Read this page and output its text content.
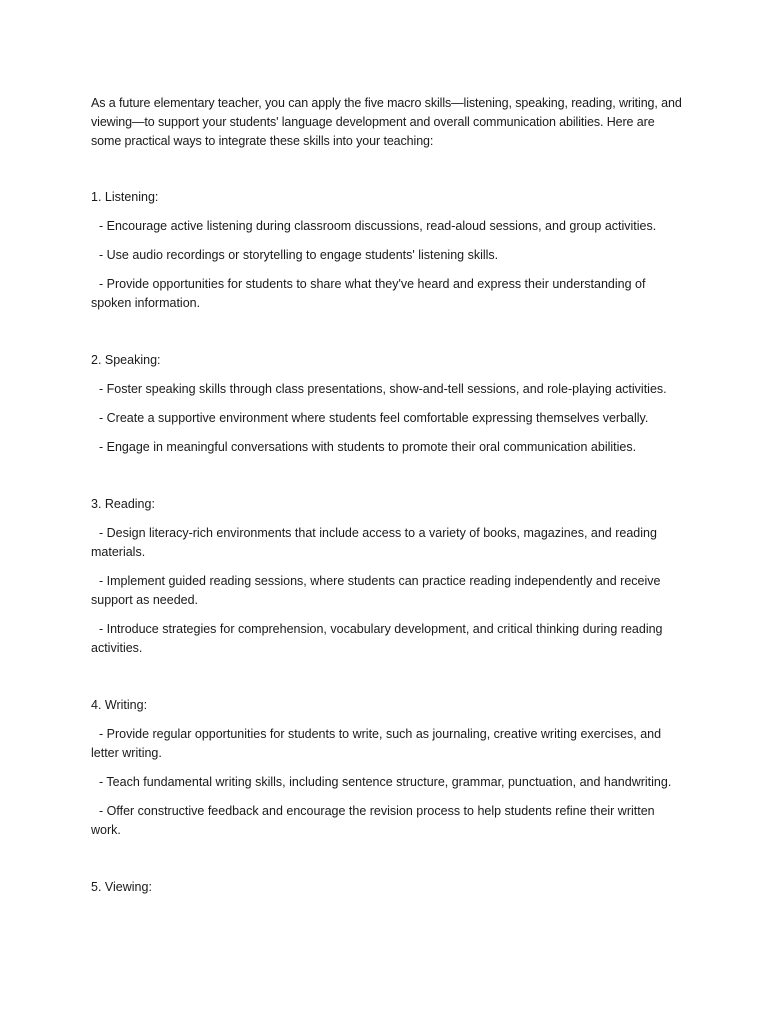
As a future elementary teacher, you can apply the five macro skills—listening, speaking, reading, writing, and viewing—to support your students' language development and overall communication abilities. Here are some practical ways to integrate these skills into your teaching:

1. Listening:

- Encourage active listening during classroom discussions, read-aloud sessions, and group activities.

- Use audio recordings or storytelling to engage students' listening skills.

- Provide opportunities for students to share what they've heard and express their understanding of spoken information.

2. Speaking:

- Foster speaking skills through class presentations, show-and-tell sessions, and role-playing activities.

- Create a supportive environment where students feel comfortable expressing themselves verbally.

- Engage in meaningful conversations with students to promote their oral communication abilities.

3. Reading:

- Design literacy-rich environments that include access to a variety of books, magazines, and reading materials.

- Implement guided reading sessions, where students can practice reading independently and receive support as needed.

- Introduce strategies for comprehension, vocabulary development, and critical thinking during reading activities.

4. Writing:

- Provide regular opportunities for students to write, such as journaling, creative writing exercises, and letter writing.

- Teach fundamental writing skills, including sentence structure, grammar, punctuation, and handwriting.

- Offer constructive feedback and encourage the revision process to help students refine their written work.

5. Viewing:
